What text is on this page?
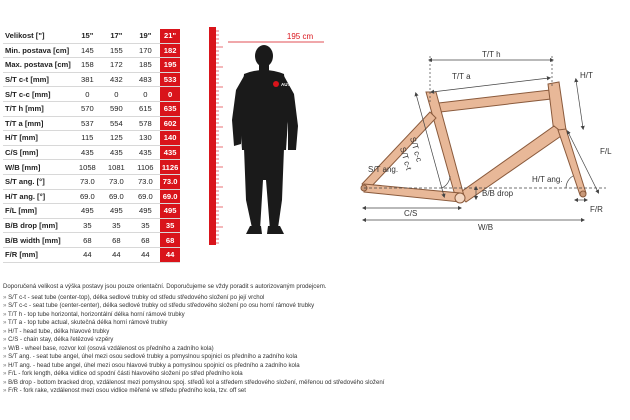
Velikost ["]	15"	17"	19"	21"
Min. postava [cm]	145	155	170	182
Max. postava [cm]	158	172	185	195
S/T c-t [mm]	381	432	483	533
S/T c-c [mm]	0	0	0	0
T/T h [mm]	570	590	615	635
T/T a [mm]	537	554	578	602
H/T [mm]	115	125	130	140
C/S [mm]	435	435	435	435
W/B [mm]	1058	1081	1106	1126
S/T ang. [°]	73.0	73.0	73.0	73.0
H/T ang. [°]	69.0	69.0	69.0	69.0
F/L [mm]	495	495	495	495
B/B drop [mm]	35	35	35	35
B/B width [mm]	68	68	68	68
F/R [mm]	44	44	44	44
195 cm
AUTHOR
T/T h
T/T a	H/T
F/L
S/T c-t
S/T c-c
S/T ang.
H/T ang.
B/B drop
C/S
W/B
F/R
Doporučená velikost a výška postavy jsou pouze orientační. Doporučujeme se vždy poradit s autorizovaným prodejcem.
» S/T c-t - seat tube (center-top), délka sedlové trubky od středu středového složení po její vrchol
» S/T c-c - seat tube (center-center), délka sedlové trubky od středu středového složení po osu horní rámové trubky
» T/T h - top tube horizontal, horizontální délka horní rámové trubky
» T/T a - top tube actual, skutečná délka horní rámové trubky
» H/T - head tube, délka hlavové trubky
» C/S - chain stay, délka řetězové vzpěry
» W/B - wheel base, rozvor kol (osová vzdálenost os předního a zadního kola)
» S/T ang. - seat tube angel, úhel mezi osou sedlové trubky a pomyslnou spojnicí os předního a zadního kola
» H/T ang. - head tube angel, úhel mezi osou hlavové trubky a pomyslnou spojnicí os předního a zadního kola
» F/L - fork length, délka vidlice od spodní části hlavového složení po střed předního kola
» B/B drop - bottom bracked drop, vzdálenost mezi pomyslnou spoj. středů kol a středem středového složení, měřenou od středového složení
» F/R - fork rake, vzdálenost mezi osou vidlice měřené ve středu předního kola, tzv. off set
